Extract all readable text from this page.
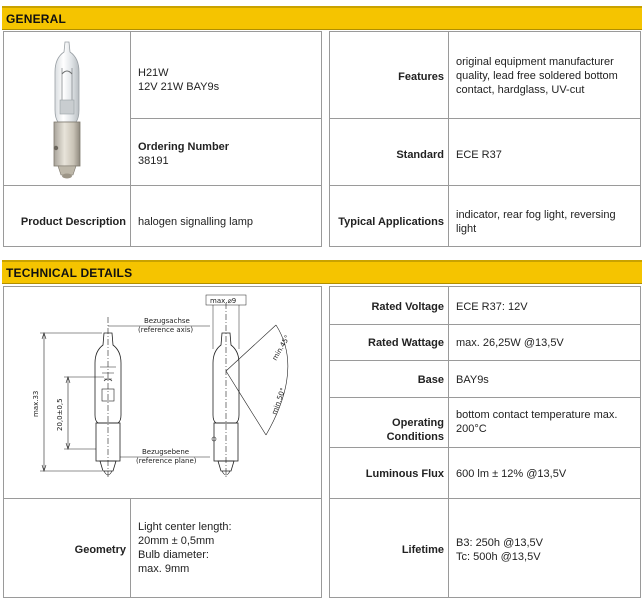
GENERAL
H21W
12V 21W BAY9s
Ordering Number
38191
Product Description halogen signalling lamp
Features
original equipment manufacturer
quality, lead free soldered bottom
contact, hardglass, UV-cut
Standard ECE R37
Typical Applications
indicator, rear fog light, reversing
light
TECHNICAL DETAILS
max.33 20,0±0,5
Bezugsachse
(reference axis)
Bezugsebene
(reference plane)
max.⌀9
min.45°
min.50°
Geometry
Light center length:
20mm ± 0,5mm
Bulb diameter:
max. 9mm
Rated Voltage ECE R37: 12V
Rated Wattage max. 26,25W @13,5V
Base BAY9s
Operating Conditions
bottom contact temperature max.
200°C
Luminous Flux 600 lm ± 12% @13,5V
Lifetime
B3: 250h @13,5V
Tc: 500h @13,5V
